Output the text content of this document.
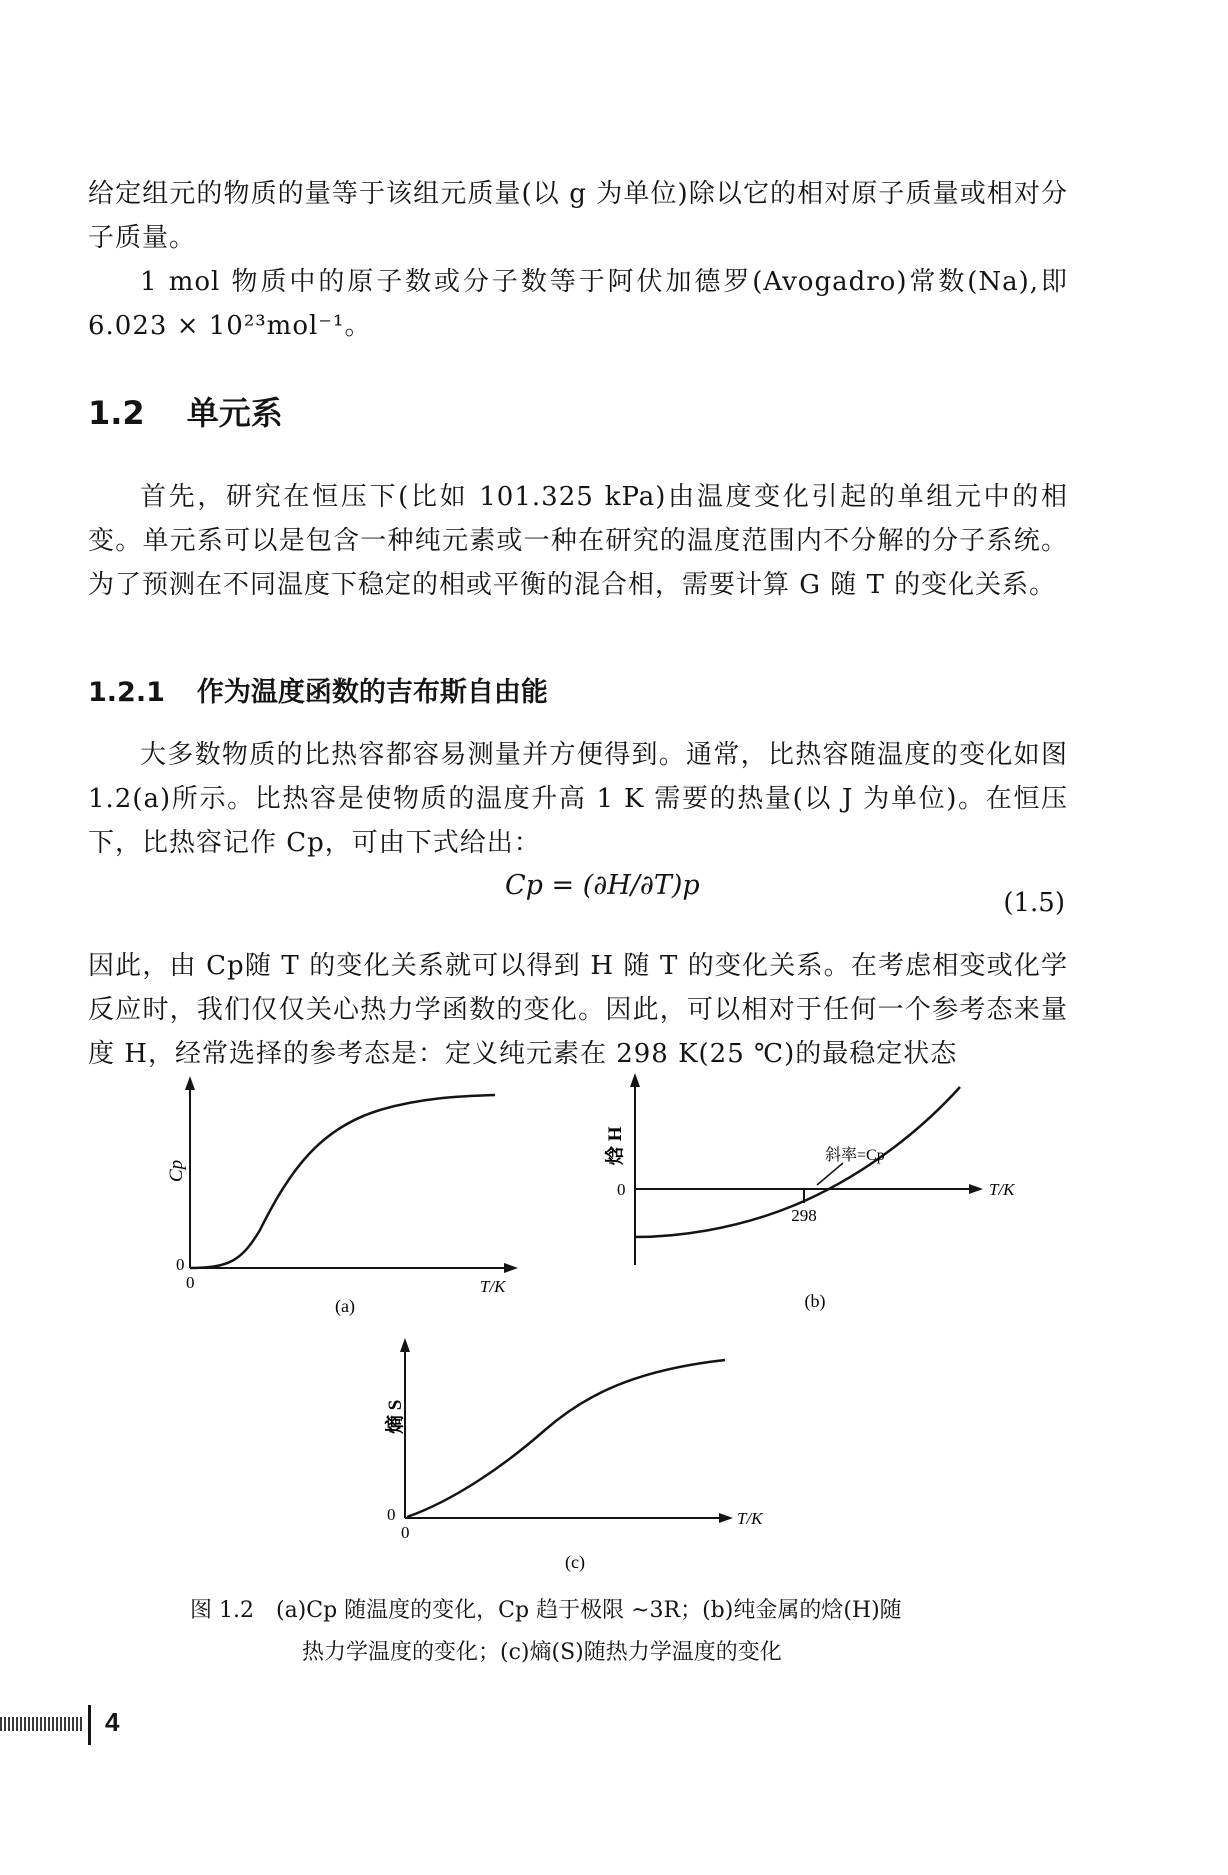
给定组元的物质的量等于该组元质量(以 g 为单位)除以它的相对原子质量或相对分子质量。

1 mol 物质中的原子数或分子数等于阿伏加德罗(Avogadro)常数(Na),即 6.023 × 10²³mol⁻¹。

1.2 单元系

首先，研究在恒压下(比如 101.325 kPa)由温度变化引起的单组元中的相变。单元系可以是包含一种纯元素或一种在研究的温度范围内不分解的分子系统。为了预测在不同温度下稳定的相或平衡的混合相，需要计算 G 随 T 的变化关系。

1.2.1 作为温度函数的吉布斯自由能

大多数物质的比热容都容易测量并方便得到。通常，比热容随温度的变化如图 1.2(a)所示。比热容是使物质的温度升高 1 K 需要的热量(以 J 为单位)。在恒压下，比热容记作 Cp，可由下式给出：

Cp = (∂H/∂T)p
(1.5)

因此，由 Cp随 T 的变化关系就可以得到 H 随 T 的变化关系。在考虑相变或化学反应时，我们仅仅关心热力学函数的变化。因此，可以相对于任何一个参考态来量度 H，经常选择的参考态是：定义纯元素在 298 K(25 ℃)的最稳定状态

Cp
0
0	T/K
(a)
斜率=Cp
焓 H
0
298
T/K
(b)
熵 S
0
0
T/K
(c)

图 1.2　(a)Cp 随温度的变化，Cp 趋于极限 ~3R；(b)纯金属的焓(H)随
热力学温度的变化；(c)熵(S)随热力学温度的变化

4
